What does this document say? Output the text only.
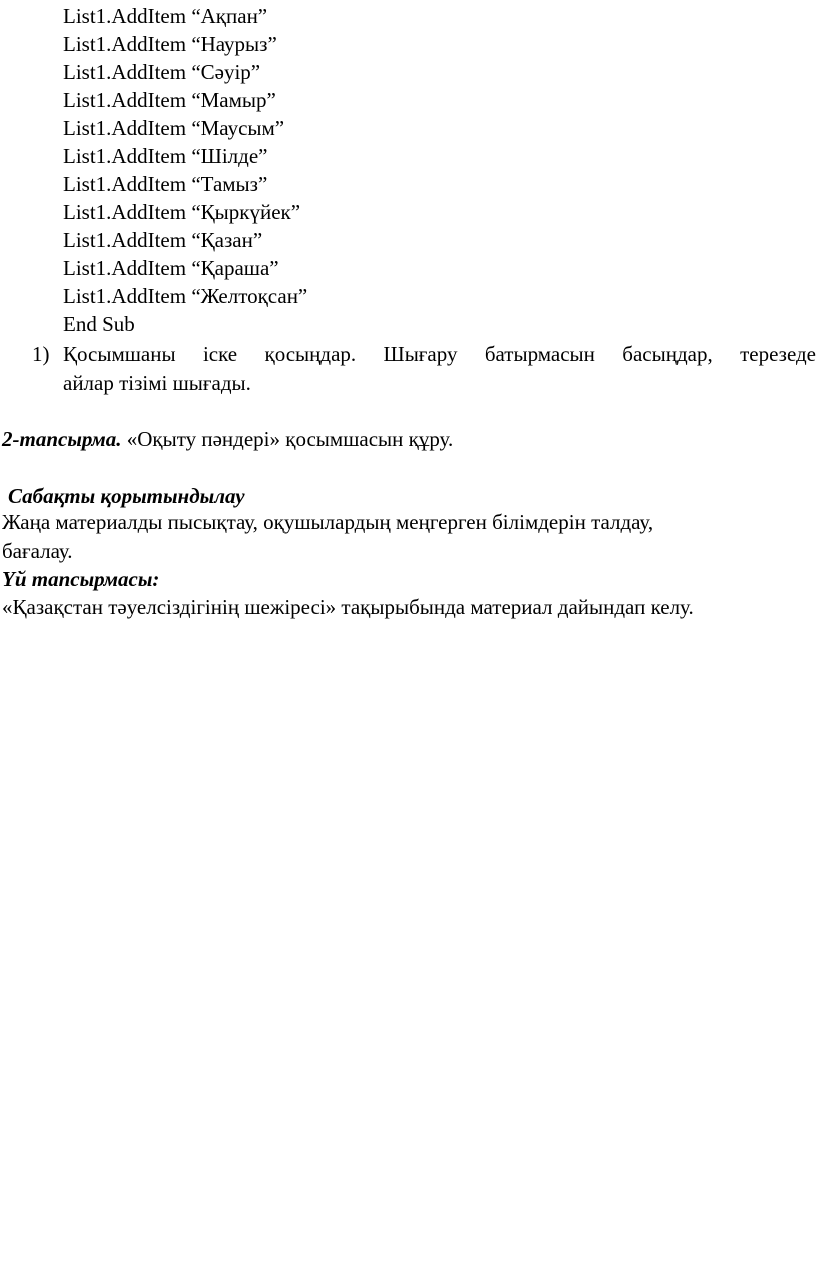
List1.AddItem “Ақпан”
List1.AddItem “Наурыз”
List1.AddItem “Сәуір”
List1.AddItem “Мамыр”
List1.AddItem “Маусым”
List1.AddItem “Шілде”
List1.AddItem “Тамыз”
List1.AddItem “Қыркүйек”
List1.AddItem “Қазан”
List1.AddItem “Қараша”
List1.AddItem “Желтоқсан”
End Sub
1) Қосымшаны іске қосыңдар. Шығару батырмасын басыңдар, терезеде
айлар тізімі шығады.
2-тапсырма. «Оқыту пәндері» қосымшасын құру.
Сабақты қорытындылау
Жаңа материалды пысықтау, оқушылардың меңгерген білімдерін талдау,
бағалау.
Үй тапсырмасы:
«Қазақстан тәуелсіздігінің шежіресі» тақырыбында материал дайындап келу.
